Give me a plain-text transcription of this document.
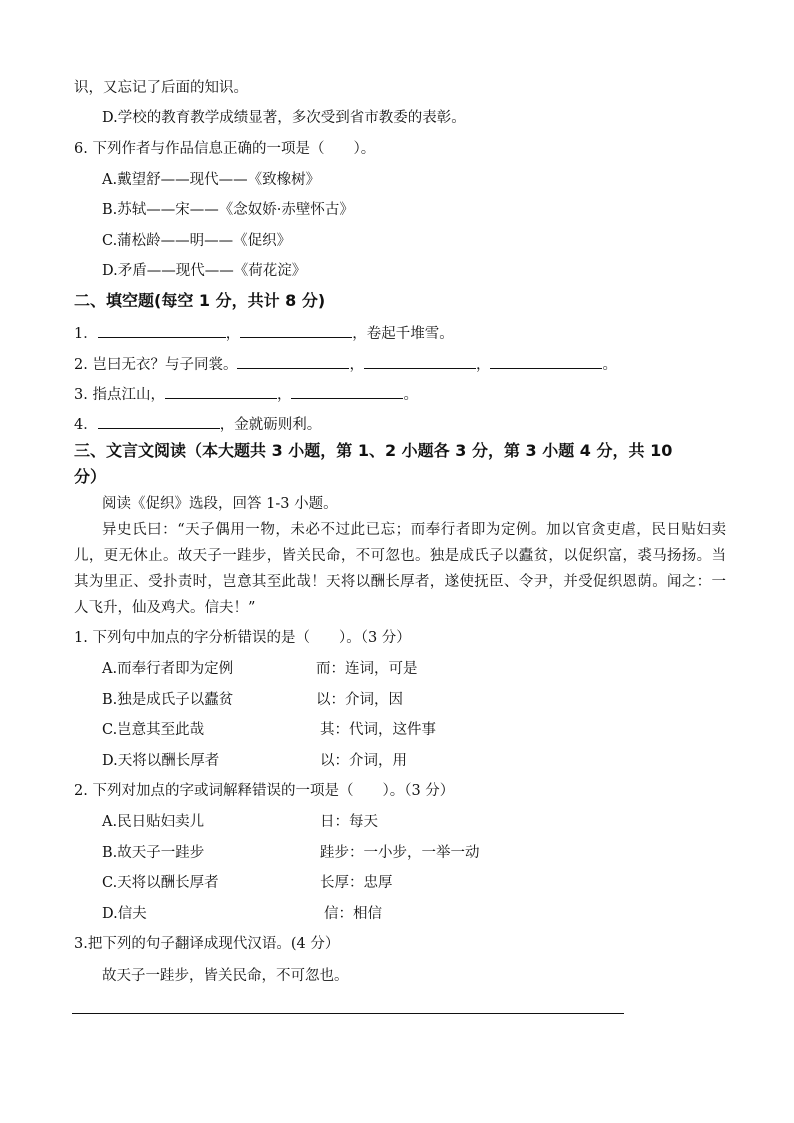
识，又忘记了后面的知识。
D.学校的教育教学成绩显著，多次受到省市教委的表彰。
6. 下列作者与作品信息正确的一项是（　　）。
A.戴望舒——现代——《致橡树》
B.苏轼——宋——《念奴娇·赤壁怀古》
C.蒲松龄——明——《促织》
D.矛盾——现代——《荷花淀》
二、填空题(每空 1 分，共计 8 分)
1．	，	，卷起千堆雪。
2. 岂曰无衣？与子同裳。	，	，	。
3. 指点江山，	，	。
4．	，金就砺则利。
三、文言文阅读（本大题共 3 小题，第 1、2 小题各 3 分，第 3 小题 4 分，共 10
分）
阅读《促织》选段，回答 1-3 小题。
异史氏曰：“天子偶用一物，未必不过此已忘；而奉行者即为定例。加以官贪吏虐，民日贴妇卖儿，更无休止。故天子一跬步，皆关民命，不可忽也。独是成氏子以蠹贫，以促织富，裘马扬扬。当其为里正、受扑责时，岂意其至此哉！天将以酬长厚者，遂使抚臣、令尹，并受促织恩荫。闻之：一人飞升，仙及鸡犬。信夫！”
1. 下列句中加点的字分析错误的是（　　）。（3 分）
A.而奉行者即为定例	而：连词，可是
B.独是成氏子以蠹贫	以：介词，因
C.岂意其至此哉	其：代词，这件事
D.天将以酬长厚者	以：介词，用
2. 下列对加点的字或词解释错误的一项是（　　）。（3 分）
A.民日贴妇卖儿	日：每天
B.故天子一跬步	跬步：一小步，一举一动
C.天将以酬长厚者	长厚：忠厚
D.信夫	信：相信
3.把下列的句子翻译成现代汉语。(4 分）
故天子一跬步，皆关民命，不可忽也。
